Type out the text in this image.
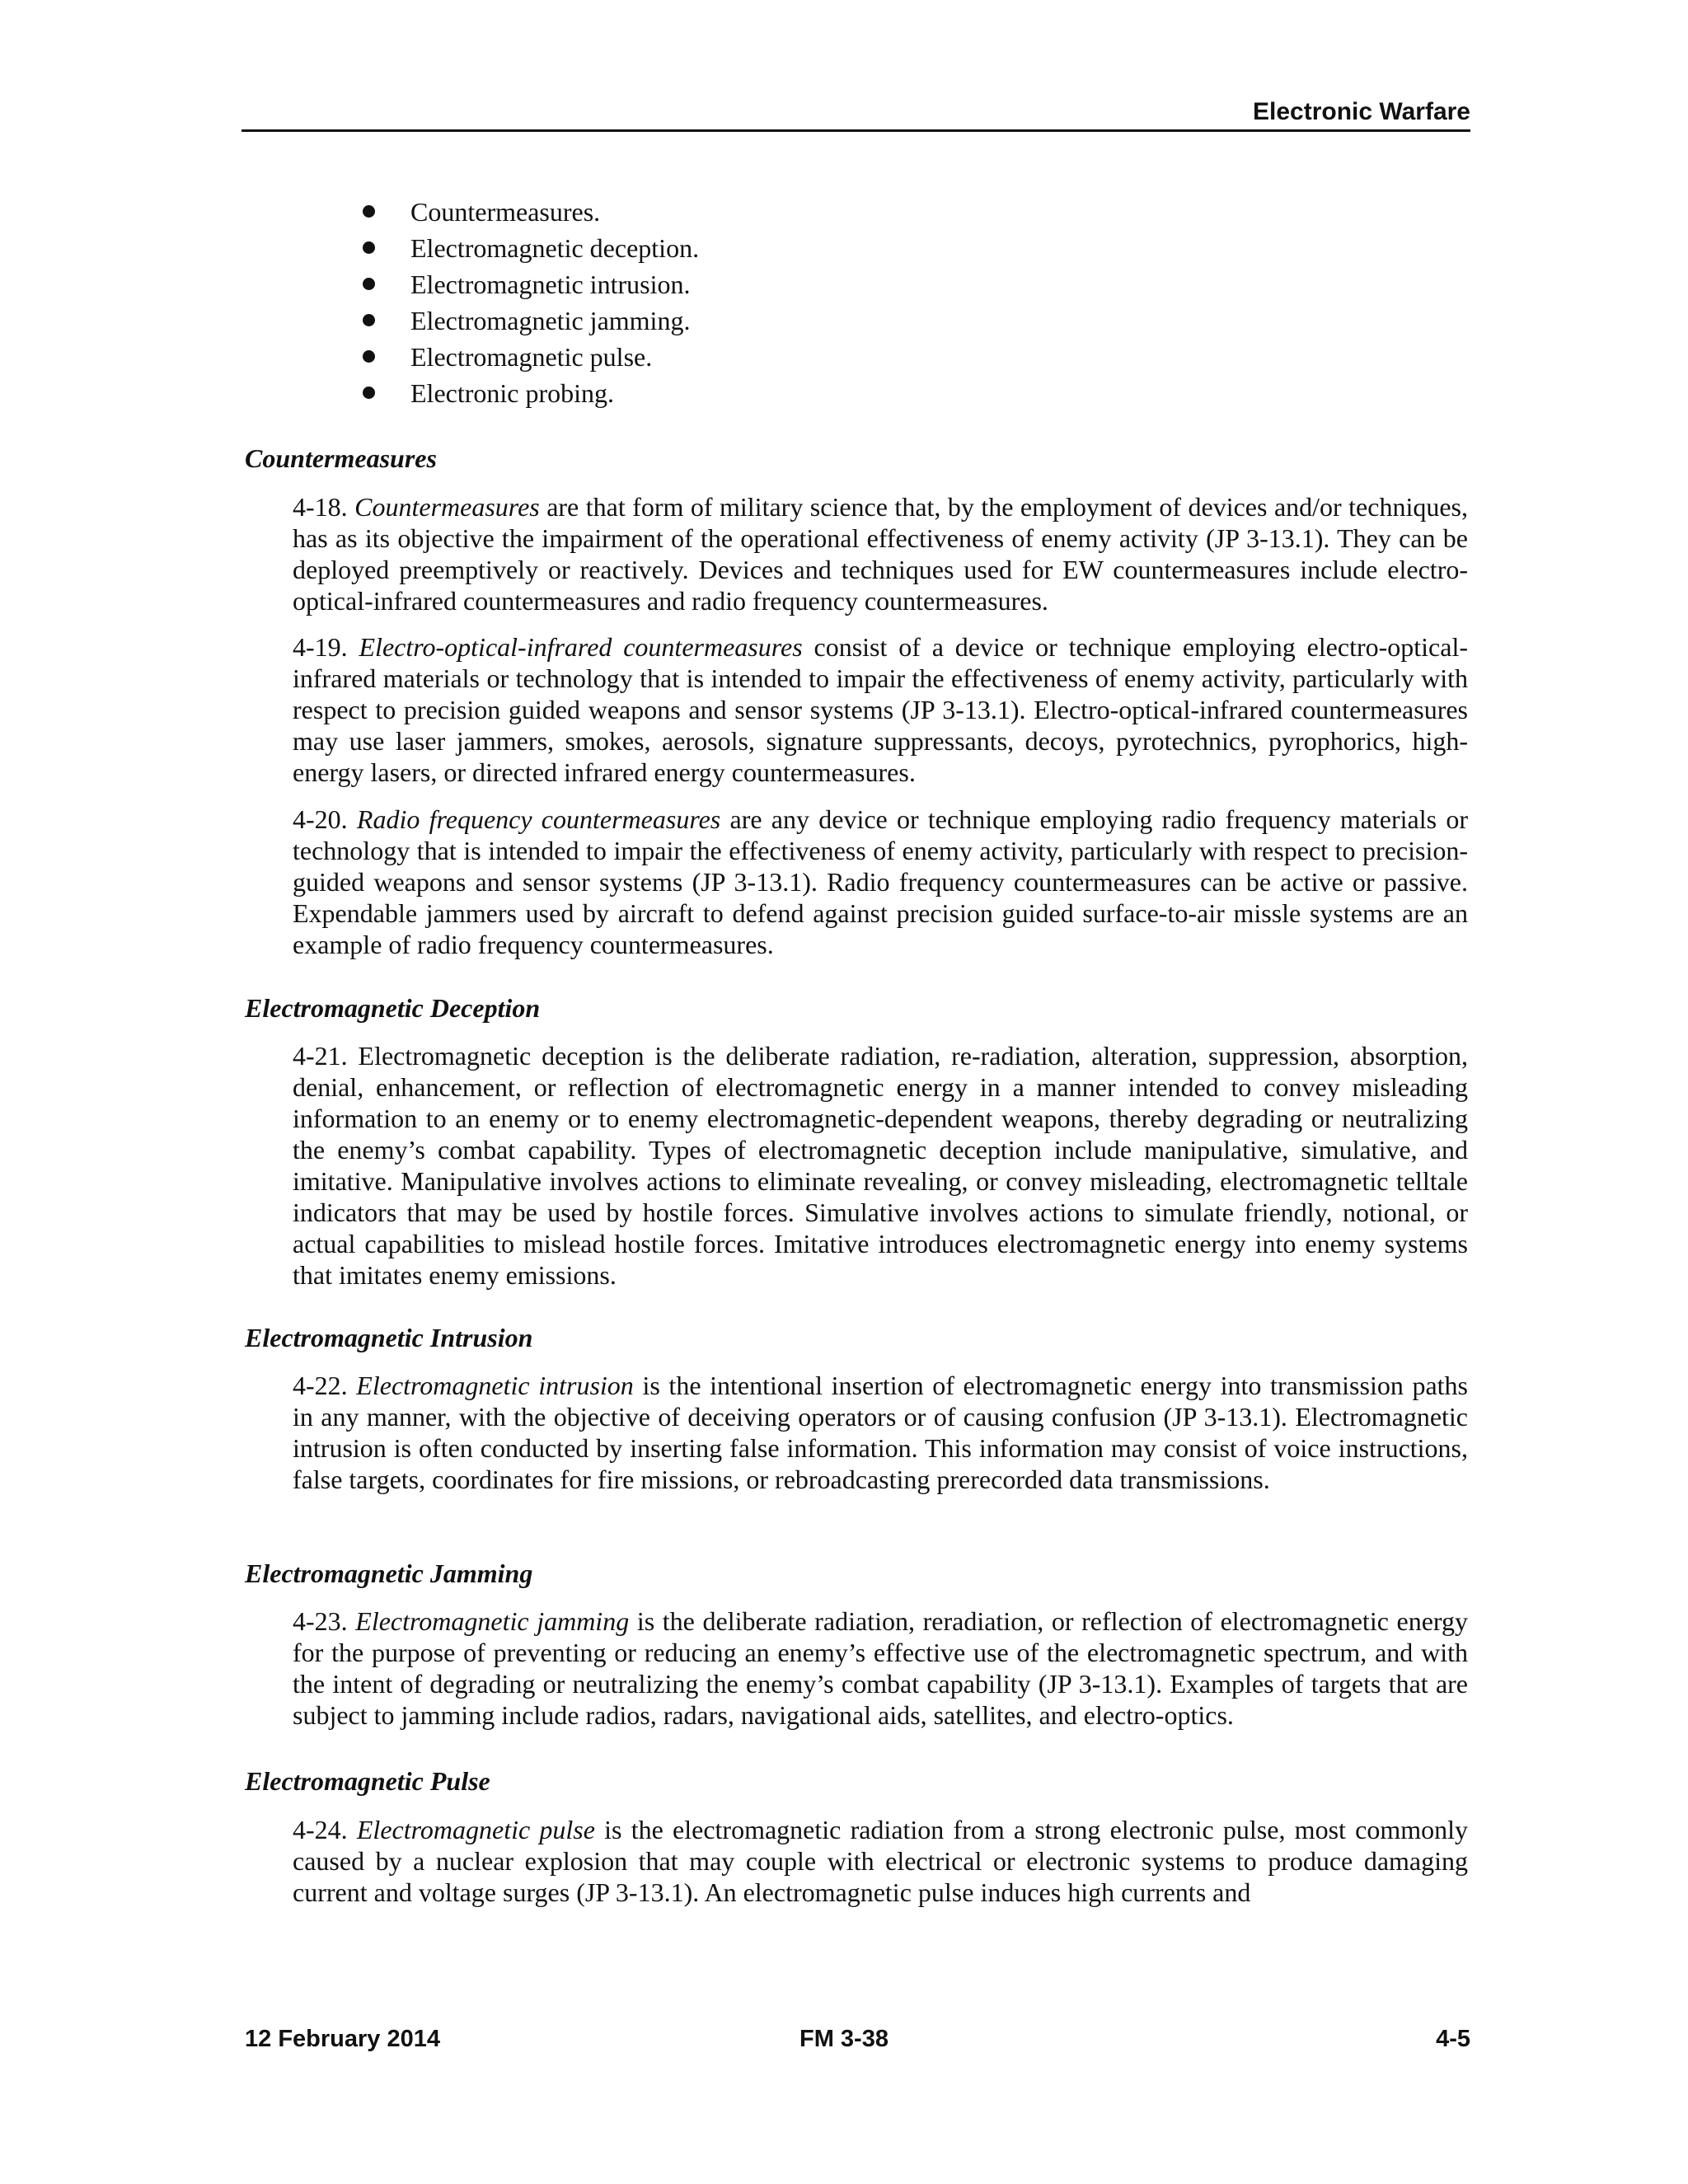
Electronic Warfare
Countermeasures.
Electromagnetic deception.
Electromagnetic intrusion.
Electromagnetic jamming.
Electromagnetic pulse.
Electronic probing.
Countermeasures

4-18. Countermeasures are that form of military science that, by the employment of devices and/or techniques, has as its objective the impairment of the operational effectiveness of enemy activity (JP 3-13.1). They can be deployed preemptively or reactively. Devices and techniques used for EW countermeasures include electro-optical-infrared countermeasures and radio frequency countermeasures.

4-19. Electro-optical-infrared countermeasures consist of a device or technique employing electro-optical-infrared materials or technology that is intended to impair the effectiveness of enemy activity, particularly with respect to precision guided weapons and sensor systems (JP 3-13.1). Electro-optical-infrared countermeasures may use laser jammers, smokes, aerosols, signature suppressants, decoys, pyrotechnics, pyrophorics, high-energy lasers, or directed infrared energy countermeasures.

4-20. Radio frequency countermeasures are any device or technique employing radio frequency materials or technology that is intended to impair the effectiveness of enemy activity, particularly with respect to precision-guided weapons and sensor systems (JP 3-13.1). Radio frequency countermeasures can be active or passive. Expendable jammers used by aircraft to defend against precision guided surface-to-air missle systems are an example of radio frequency countermeasures.

Electromagnetic Deception

4-21. Electromagnetic deception is the deliberate radiation, re-radiation, alteration, suppression, absorption, denial, enhancement, or reflection of electromagnetic energy in a manner intended to convey misleading information to an enemy or to enemy electromagnetic-dependent weapons, thereby degrading or neutralizing the enemy’s combat capability. Types of electromagnetic deception include manipulative, simulative, and imitative. Manipulative involves actions to eliminate revealing, or convey misleading, electromagnetic telltale indicators that may be used by hostile forces. Simulative involves actions to simulate friendly, notional, or actual capabilities to mislead hostile forces. Imitative introduces electromagnetic energy into enemy systems that imitates enemy emissions.

Electromagnetic Intrusion

4-22. Electromagnetic intrusion is the intentional insertion of electromagnetic energy into transmission paths in any manner, with the objective of deceiving operators or of causing confusion (JP 3-13.1). Electromagnetic intrusion is often conducted by inserting false information. This information may consist of voice instructions, false targets, coordinates for fire missions, or rebroadcasting prerecorded data transmissions.

Electromagnetic Jamming

4-23. Electromagnetic jamming is the deliberate radiation, reradiation, or reflection of electromagnetic energy for the purpose of preventing or reducing an enemy’s effective use of the electromagnetic spectrum, and with the intent of degrading or neutralizing the enemy’s combat capability (JP 3-13.1). Examples of targets that are subject to jamming include radios, radars, navigational aids, satellites, and electro-optics.

Electromagnetic Pulse

4-24. Electromagnetic pulse is the electromagnetic radiation from a strong electronic pulse, most commonly caused by a nuclear explosion that may couple with electrical or electronic systems to produce damaging current and voltage surges (JP 3-13.1). An electromagnetic pulse induces high currents and

12 February 2014	FM 3-38	4-5
